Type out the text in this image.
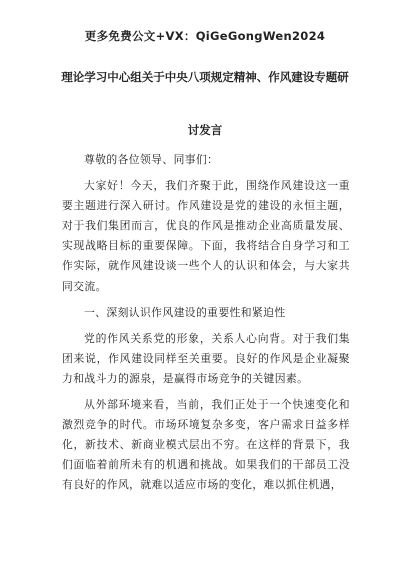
更多免费公文+VX：QiGeGongWen2024
理论学习中心组关于中央八项规定精神、作风建设专题研
讨发言

尊敬的各位领导、同事们：

大家好！今天，我们齐聚于此，围绕作风建设这一重要主题进行深入研讨。作风建设是党的建设的永恒主题，对于我们集团而言，优良的作风是推动企业高质量发展、实现战略目标的重要保障。下面，我将结合自身学习和工作实际，就作风建设谈一些个人的认识和体会，与大家共同交流。

一、深刻认识作风建设的重要性和紧迫性

党的作风关系党的形象，关系人心向背。对于我们集团来说，作风建设同样至关重要。良好的作风是企业凝聚力和战斗力的源泉，是赢得市场竞争的关键因素。

从外部环境来看，当前，我们正处于一个快速变化和激烈竞争的时代。市场环境复杂多变，客户需求日益多样化，新技术、新商业模式层出不穷。在这样的背景下，我们面临着前所未有的机遇和挑战。如果我们的干部员工没有良好的作风，就难以适应市场的变化，难以抓住机遇，
